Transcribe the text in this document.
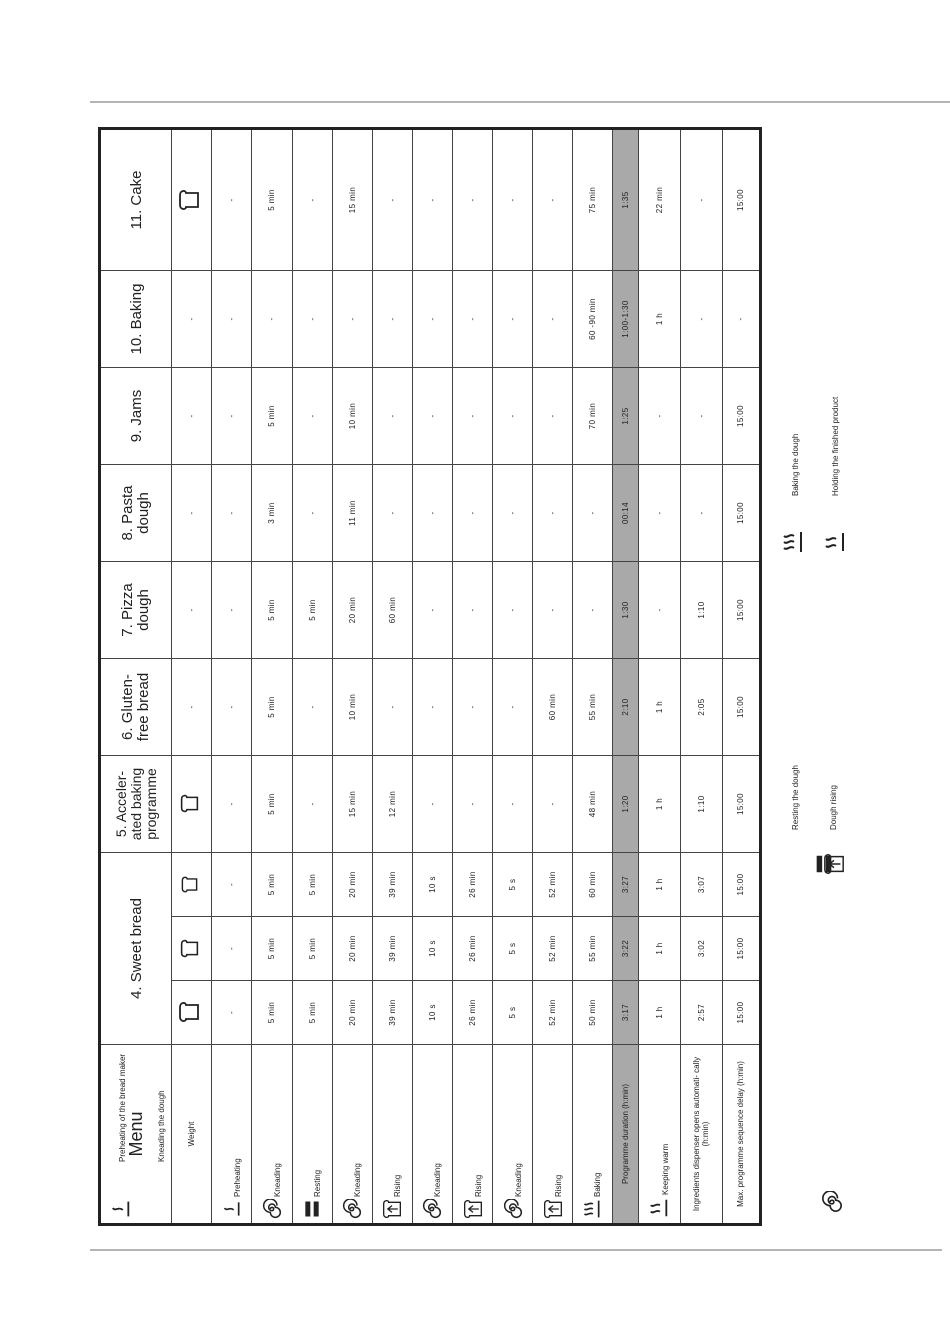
Menu	4. Sweet bread			5. Acceler- ated baking programme	6. Gluten- free bread	7. Pizza dough	8. Pasta dough	9. Jams	10. Baking	11. Cake
Weight					-	-	-	-	-	
Preheating	-	-	-	-	-	-	-	-	-	-
Kneading	5 min	5 min	5 min	5 min	5 min	5 min	3 min	5 min	-	5 min
Resting	5 min	5 min	5 min	-	-	5 min	-	-	-	-
Kneading	20 min	20 min	20 min	15 min	10 min	20 min	11 min	10 min	-	15 min
Rising	39 min	39 min	39 min	12 min	-	60 min	-	-	-	-
Kneading	10 s	10 s	10 s	-	-	-	-	-	-	-
Rising	26 min	26 min	26 min	-	-	-	-	-	-	-
Kneading	5 s	5 s	5 s	-	-	-	-	-	-	-
Rising	52 min	52 min	52 min	-	60 min	-	-	-	-	-
Baking	50 min	55 min	60 min	48 min	55 min	-	-	70 min	60 -90 min	75 min
Programme duration (h:min)	3:17	3:22	3:27	1:20	2:10	1:30	00:14	1:25	1:00-1:30	1:35
Keeping warm	1 h	1 h	1 h	1 h	1 h	-	-	-	1 h	22 min
Ingredients dispenser opens automati- cally (h:min)	2:57	3:02	3:07	1:10	2:05	1:10	-	-	-	-
Max. programme sequence delay (h:min)	15:00	15:00	15:00	15:00	15:00	15:00	15:00	15:00	-	15:00
Preheating of the bread maker	Kneading the dough
Resting the dough	Dough rising
Baking the dough	Holding the finished product
